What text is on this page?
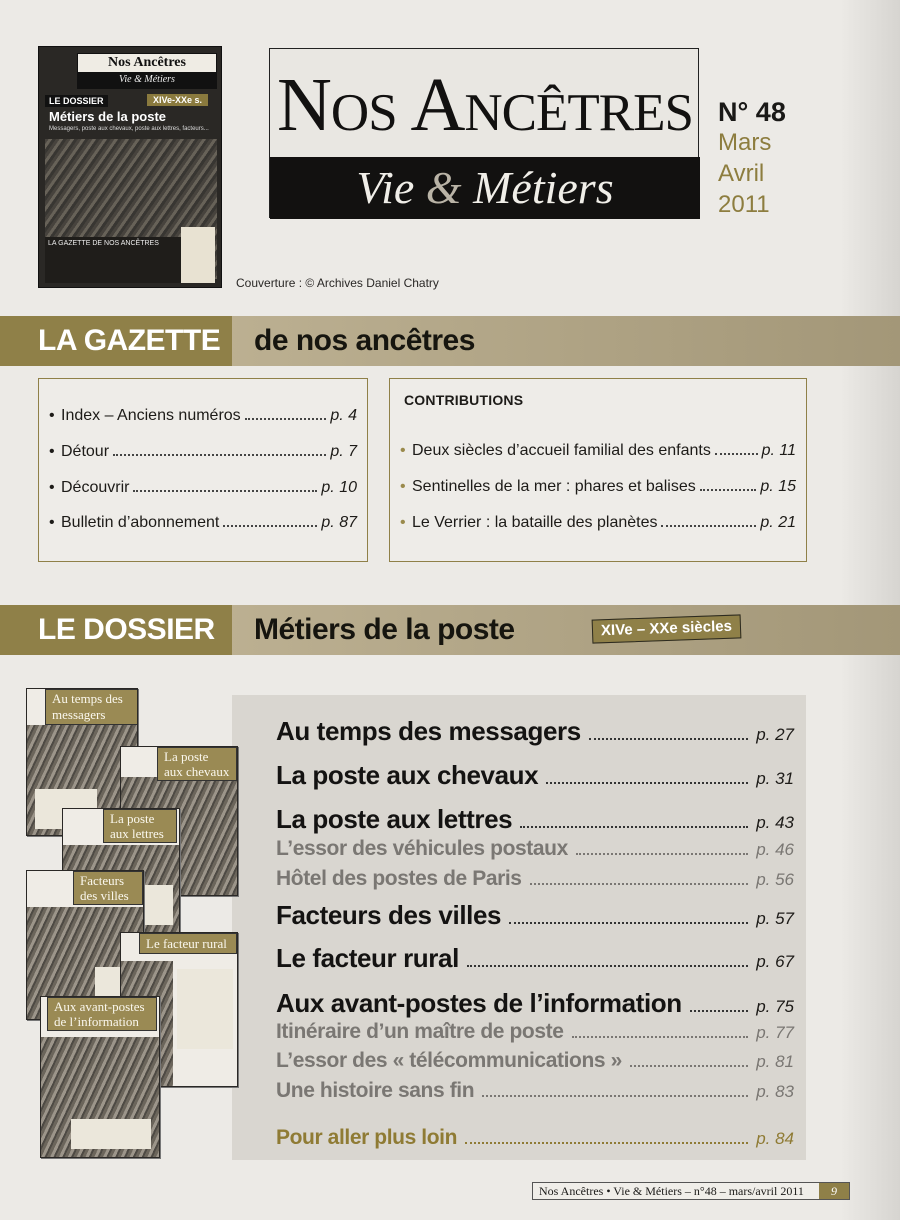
Nos Ancêtres
Vie & Métiers
LE DOSSIER	XIVe-XXe s.
Métiers de la poste
Messagers, poste aux chevaux, poste aux lettres, facteurs...
LA GAZETTE DE NOS ANCÊTRES
Nos Ancêtres
Vie & Métiers
N° 48
Mars
Avril
2011
Couverture : © Archives Daniel Chatry
LA GAZETTE	de nos ancêtres
• Index – Anciens numéros	p. 4
• Détour	p. 7
• Découvrir	p. 10
• Bulletin d’abonnement	p. 87
CONTRIBUTIONS
• Deux siècles d’accueil familial des enfants	p. 11
• Sentinelles de la mer : phares et balises	p. 15
• Le Verrier : la bataille des planètes	p. 21
LE DOSSIER	Métiers de la poste	XIVe – XXe siècles
Au temps des messagers
La poste aux chevaux
La poste aux lettres
Facteurs des villes
Le facteur rural
Aux avant-postes de l’information
Au temps des messagers	p. 27
La poste aux chevaux	p. 31
La poste aux lettres	p. 43
L’essor des véhicules postaux	p. 46
Hôtel des postes de Paris	p. 56
Facteurs des villes	p. 57
Le facteur rural	p. 67
Aux avant-postes de l’information	p. 75
Itinéraire d’un maître de poste	p. 77
L’essor des « télécommunications »	p. 81
Une histoire sans fin	p. 83
Pour aller plus loin	p. 84
Nos Ancêtres • Vie & Métiers – n°48 – mars/avril 2011	9
